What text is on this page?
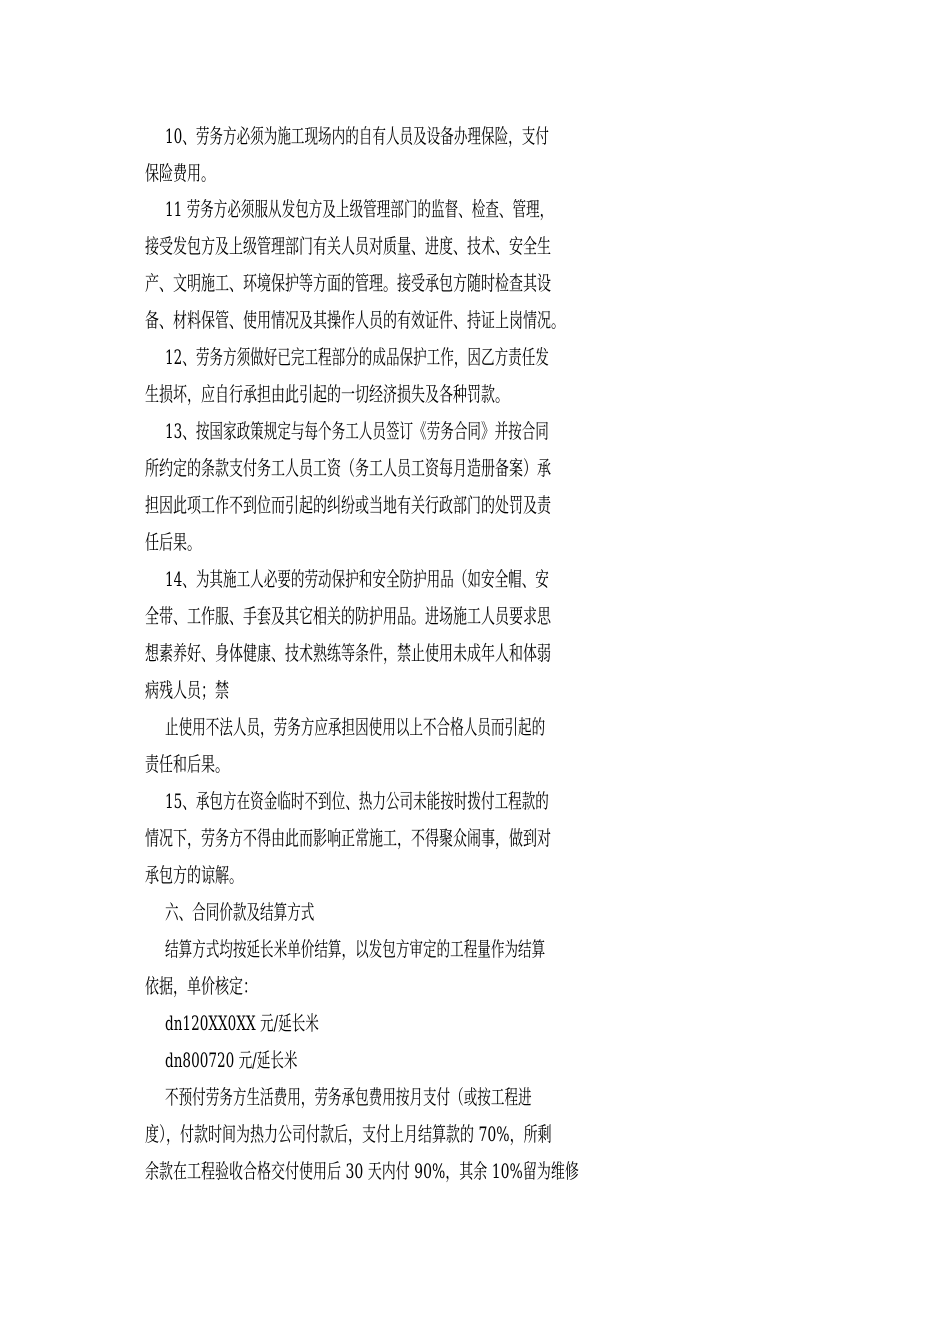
10、劳务方必须为施工现场内的自有人员及设备办理保险，支付
保险费用。
11 劳务方必须服从发包方及上级管理部门的监督、检查、管理，
接受发包方及上级管理部门有关人员对质量、进度、技术、安全生
产、文明施工、环境保护等方面的管理。接受承包方随时检查其设
备、材料保管、使用情况及其操作人员的有效证件、持证上岗情况。
12、劳务方须做好已完工程部分的成品保护工作，因乙方责任发
生损坏，应自行承担由此引起的一切经济损失及各种罚款。
13、按国家政策规定与每个务工人员签订《劳务合同》并按合同
所约定的条款支付务工人员工资（务工人员工资每月造册备案）承
担因此项工作不到位而引起的纠纷或当地有关行政部门的处罚及责
任后果。
14、为其施工人必要的劳动保护和安全防护用品（如安全帽、安
全带、工作服、手套及其它相关的防护用品。进场施工人员要求思
想素养好、身体健康、技术熟练等条件，禁止使用未成年人和体弱
病残人员；禁
止使用不法人员，劳务方应承担因使用以上不合格人员而引起的
责任和后果。
15、承包方在资金临时不到位、热力公司未能按时拨付工程款的
情况下，劳务方不得由此而影响正常施工，不得聚众闹事，做到对
承包方的谅解。
六、合同价款及结算方式
结算方式均按延长米单价结算，以发包方审定的工程量作为结算
依据，单价核定：
dn120XX0XX 元/延长米
dn800720 元/延长米
不预付劳务方生活费用，劳务承包费用按月支付（或按工程进
度），付款时间为热力公司付款后，支付上月结算款的 70%，所剩
余款在工程验收合格交付使用后 30 天内付 90%，其余 10%留为维修
